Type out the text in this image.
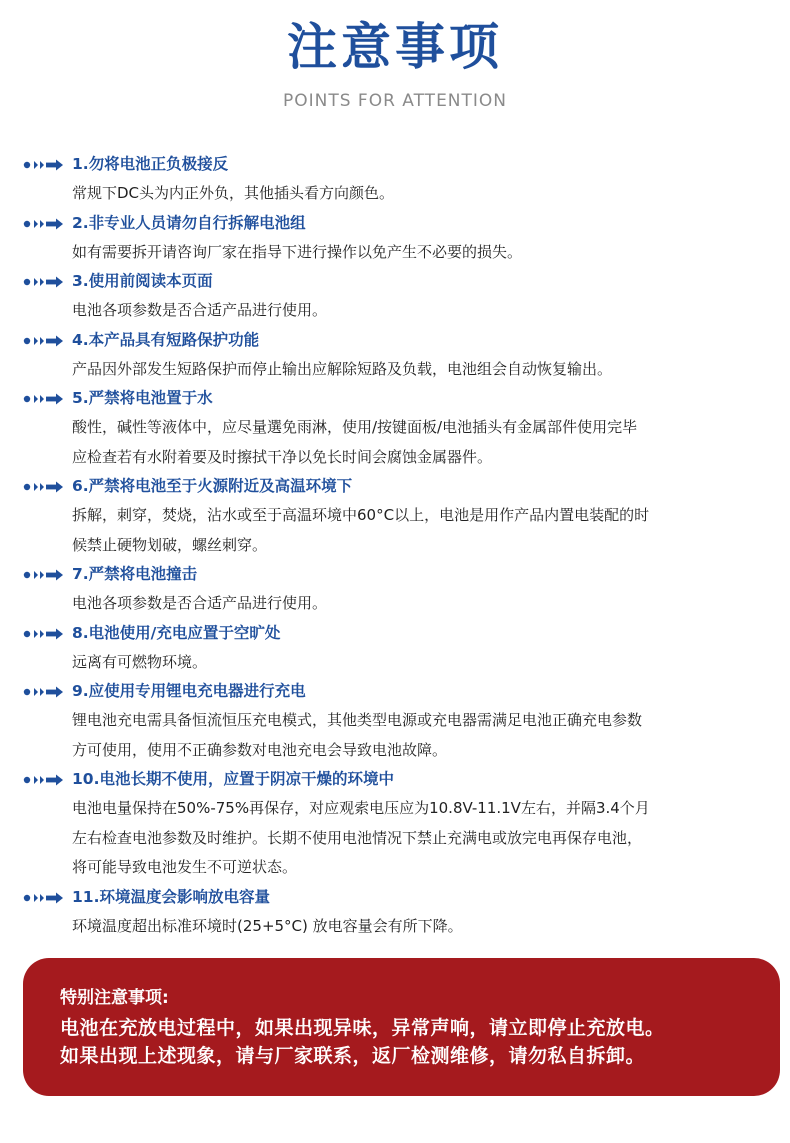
注意事项
POINTS FOR ATTENTION
1.勿将电池正负极接反
常规下DC头为内正外负，其他插头看方向颜色。
2.非专业人员请勿自行拆解电池组
如有需要拆开请咨询厂家在指导下进行操作以免产生不必要的损失。
3.使用前阅读本页面
电池各项参数是否合适产品进行使用。
4.本产品具有短路保护功能
产品因外部发生短路保护而停止输出应解除短路及负载，电池组会自动恢复输出。
5.严禁将电池置于水
酸性，碱性等液体中，应尽量選免雨淋，使用/按键面板/电池插头有金属部件使用完毕
应检查若有水附着要及时擦拭干净以免长时间会腐蚀金属器件。
6.严禁将电池至于火源附近及高温环境下
拆解，刺穿，焚烧，沾水或至于高温环境中60°C以上，电池是用作产品内置电装配的时
候禁止硬物划破，螺丝刺穿。
7.严禁将电池撞击
电池各项参数是否合适产品进行使用。
8.电池使用/充电应置于空旷处
远离有可燃物环境。
9.应使用专用锂电充电器进行充电
锂电池充电需具备恒流恒压充电模式，其他类型电源或充电器需满足电池正确充电参数
方可使用，使用不正确参数对电池充电会导致电池故障。
10.电池长期不使用，应置于阴凉干燥的环境中
电池电量保持在50%-75%再保存，对应观索电压应为10.8V-11.1V左右，并隔3.4个月
左右检查电池参数及时维护。长期不使用电池情况下禁止充满电或放完电再保存电池，
将可能导致电池发生不可逆状态。
11.环境温度会影响放电容量
环境温度超出标准环境时(25+5°C) 放电容量会有所下降。
特别注意事项:
电池在充放电过程中，如果出现异味，异常声响，请立即停止充放电。
如果出现上述现象，请与厂家联系，返厂检测维修，请勿私自拆卸。
